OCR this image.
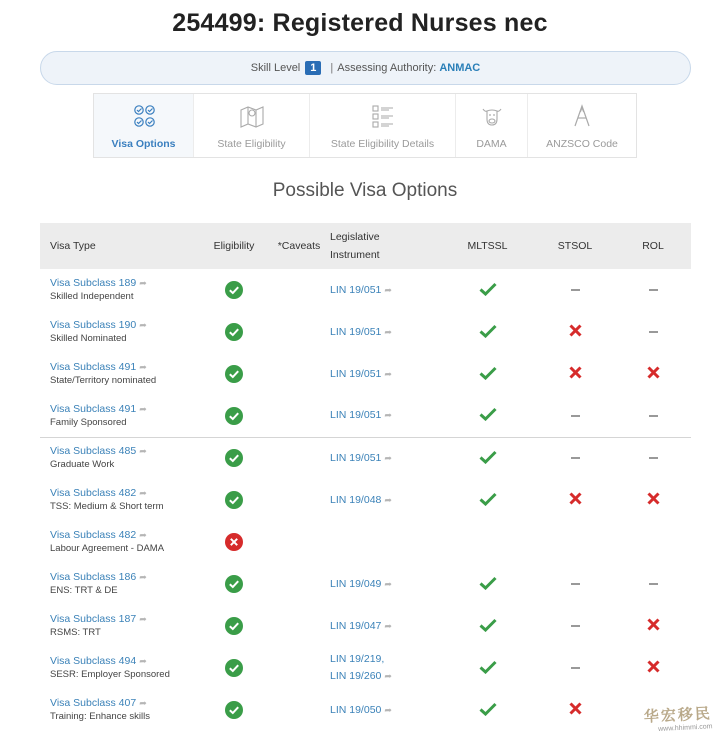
254499: Registered Nurses nec
Skill Level 1	| Assessing Authority: ANMAC
Visa Options	State Eligibility	State Eligibility Details	DAMA	ANZSCO Code
Possible Visa Options
Visa Type	Eligibility	*Caveats	Legislative
Instrument	MLTSSL	STSOL	ROL

Visa Subclass 189 ➦
Skilled Independent			LIN 19/051 ➦			

Visa Subclass 190 ➦
Skilled Nominated			LIN 19/051 ➦			

Visa Subclass 491 ➦
State/Territory nominated			LIN 19/051 ➦			

Visa Subclass 491 ➦
Family Sponsored			LIN 19/051 ➦			

Visa Subclass 485 ➦
Graduate Work			LIN 19/051 ➦			

Visa Subclass 482 ➦
TSS: Medium & Short term			LIN 19/048 ➦			

Visa Subclass 482 ➦
Labour Agreement - DAMA

Visa Subclass 186 ➦
ENS: TRT & DE			LIN 19/049 ➦			

Visa Subclass 187 ➦
RSMS: TRT			LIN 19/047 ➦			

Visa Subclass 494 ➦
SESR: Employer Sponsored			LIN 19/219,
LIN 19/260 ➦			

Visa Subclass 407 ➦
Training: Enhance skills			LIN 19/050 ➦				华宏移民
www.hhimmi.com
